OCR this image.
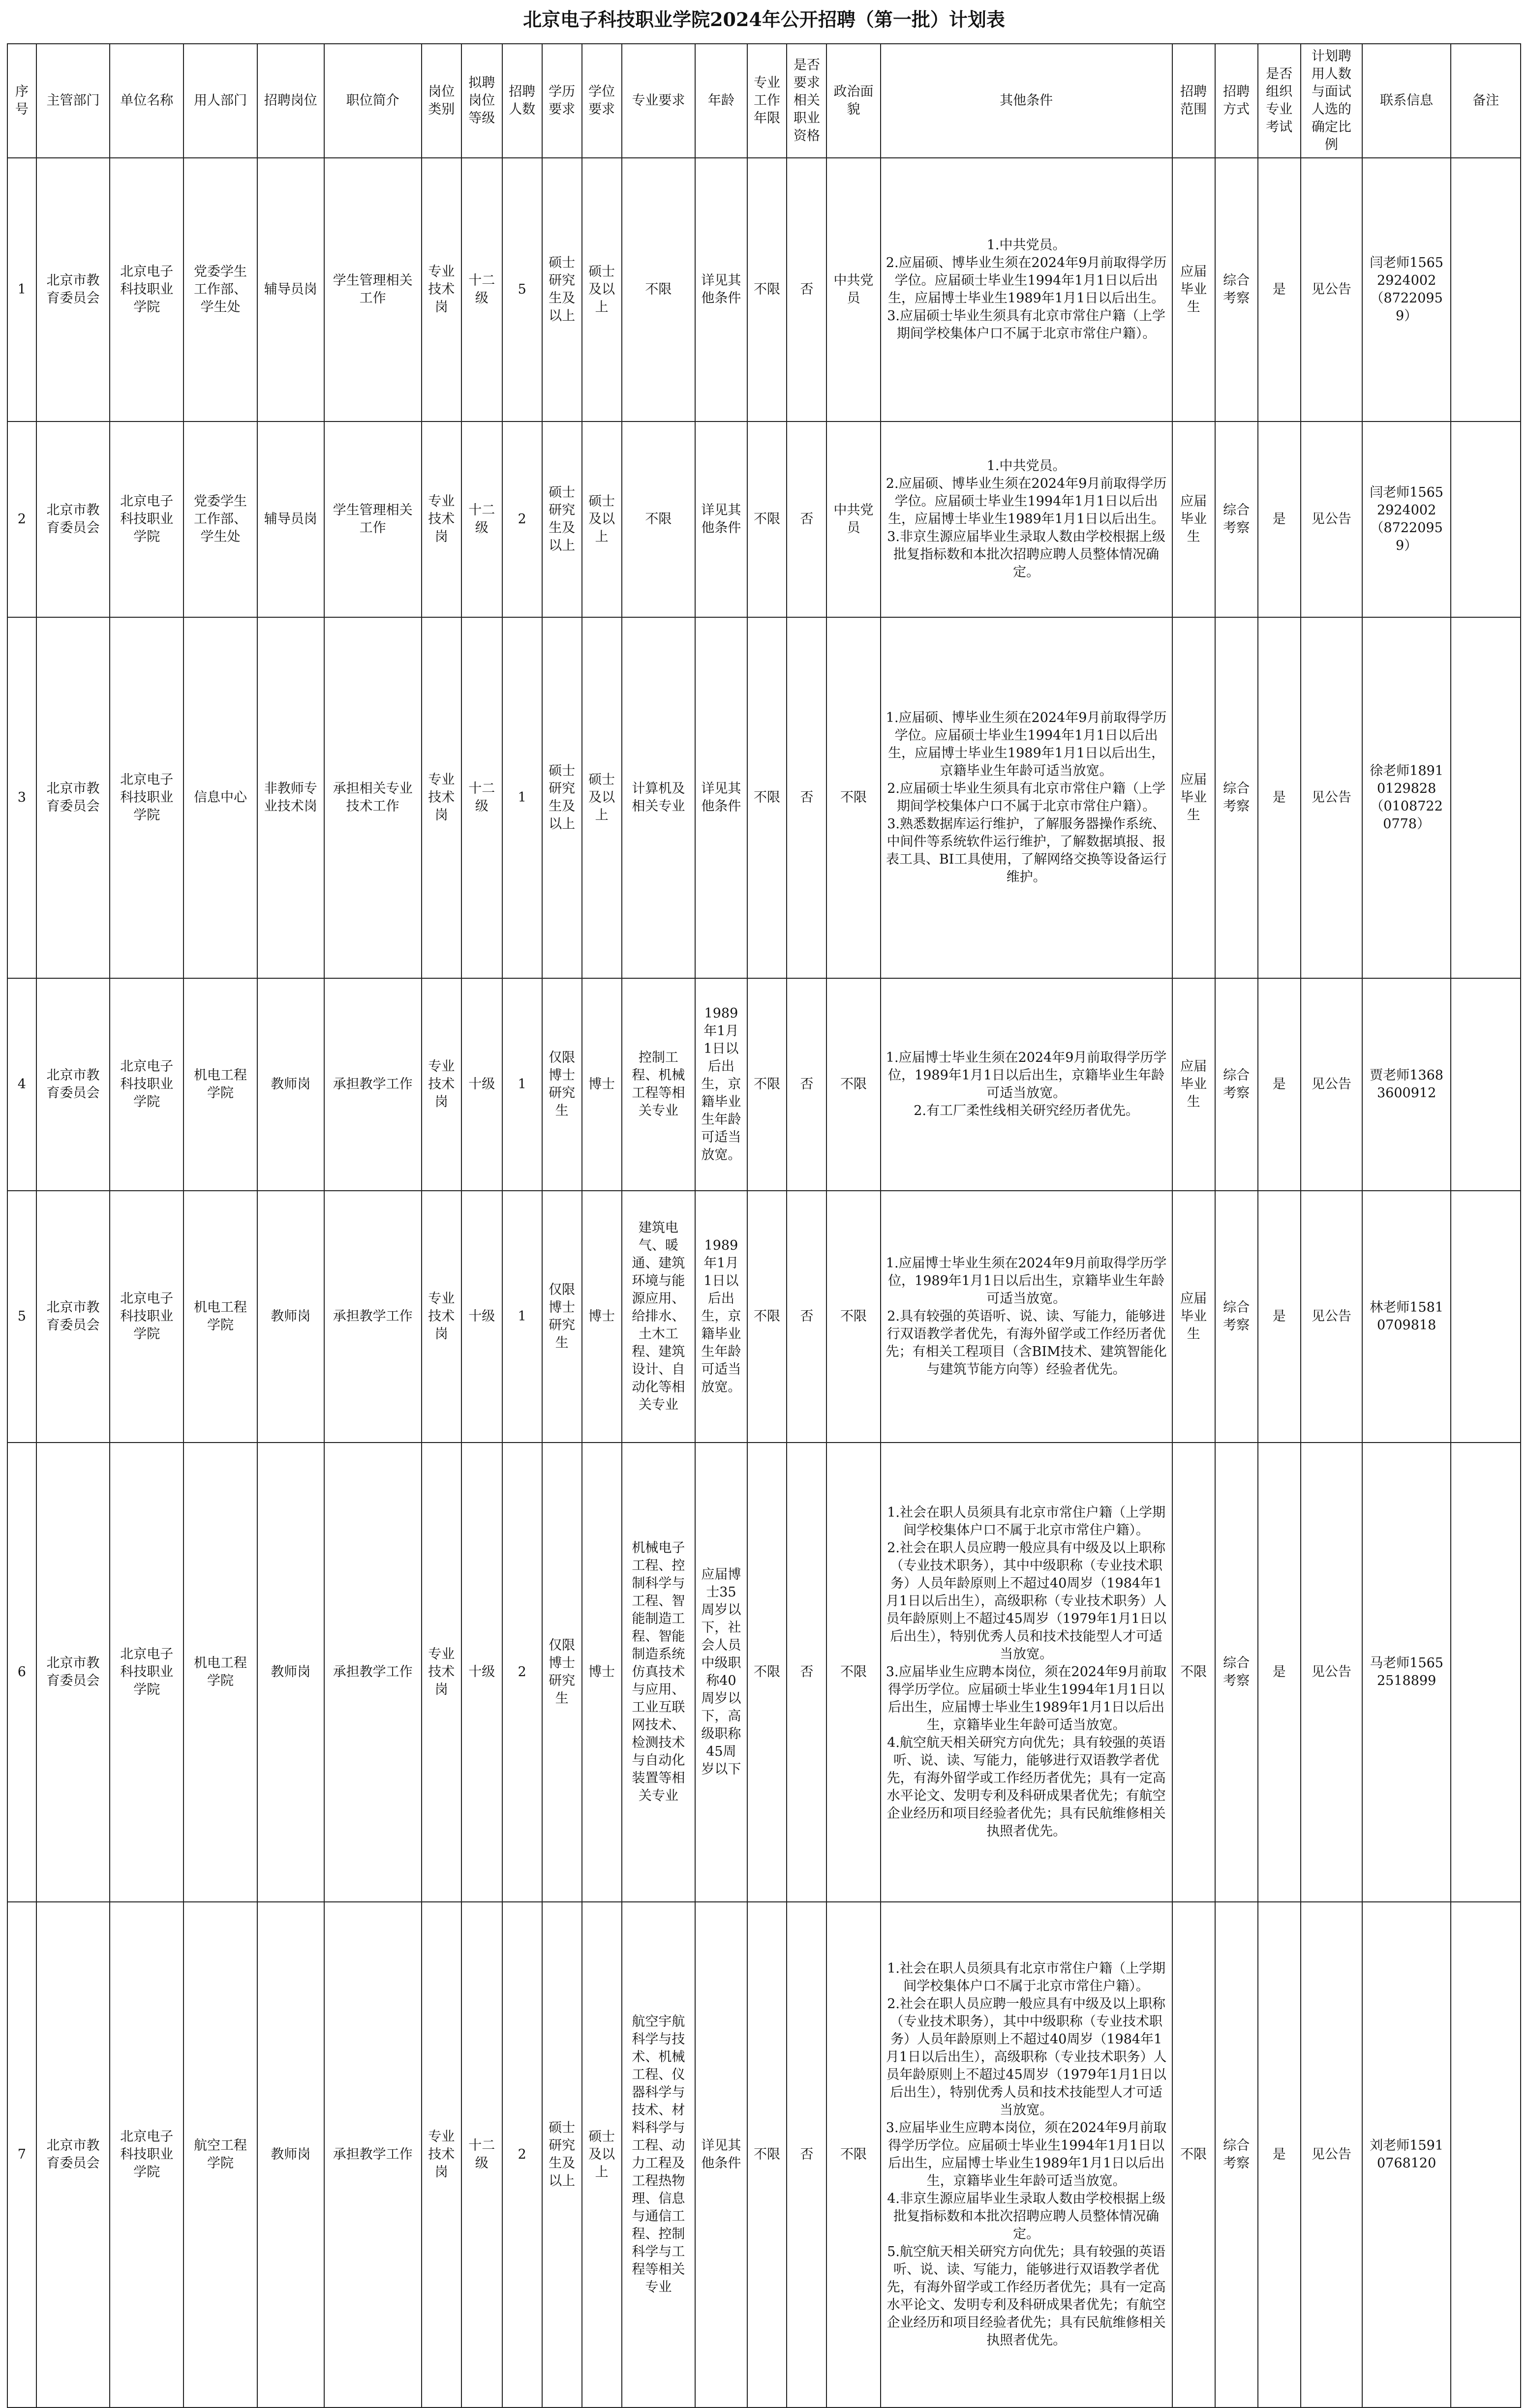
北京电子科技职业学院2024年公开招聘（第一批）计划表
序号	主管部门	单位名称	用人部门	招聘岗位	职位简介	岗位类别	拟聘岗位等级	招聘人数	学历要求	学位要求	专业要求	年龄	专业工作年限	是否要求相关职业资格	政治面貌	其他条件	招聘范围	招聘方式	是否组织专业考试	计划聘用人数与面试人选的确定比例	联系信息	备注
1	北京市教育委员会	北京电子科技职业学院	党委学生工作部、学生处	辅导员岗	学生管理相关工作	专业技术岗	十二级	5	硕士研究生及以上	硕士及以上	不限	详见其他条件	不限	否	中共党员	1.中共党员。
2.应届硕、博毕业生须在2024年9月前取得学历学位。应届硕士毕业生1994年1月1日以后出生，应届博士毕业生1989年1月1日以后出生。
3.应届硕士毕业生须具有北京市常住户籍（上学期间学校集体户口不属于北京市常住户籍）。	应届毕业生	综合考察	是	见公告	闫老师15652924002（87220959）	
2	北京市教育委员会	北京电子科技职业学院	党委学生工作部、学生处	辅导员岗	学生管理相关工作	专业技术岗	十二级	2	硕士研究生及以上	硕士及以上	不限	详见其他条件	不限	否	中共党员	1.中共党员。
2.应届硕、博毕业生须在2024年9月前取得学历学位。应届硕士毕业生1994年1月1日以后出生，应届博士毕业生1989年1月1日以后出生。
3.非京生源应届毕业生录取人数由学校根据上级批复指标数和本批次招聘应聘人员整体情况确定。	应届毕业生	综合考察	是	见公告	闫老师15652924002（87220959）	
3	北京市教育委员会	北京电子科技职业学院	信息中心	非教师专业技术岗	承担相关专业技术工作	专业技术岗	十二级	1	硕士研究生及以上	硕士及以上	计算机及相关专业	详见其他条件	不限	否	不限	1.应届硕、博毕业生须在2024年9月前取得学历学位。应届硕士毕业生1994年1月1日以后出生，应届博士毕业生1989年1月1日以后出生，京籍毕业生年龄可适当放宽。
2.应届硕士毕业生须具有北京市常住户籍（上学期间学校集体户口不属于北京市常住户籍）。
3.熟悉数据库运行维护，了解服务器操作系统、中间件等系统软件运行维护，了解数据填报、报表工具、BI工具使用，了解网络交换等设备运行维护。	应届毕业生	综合考察	是	见公告	徐老师18910129828（01087220778）	
4	北京市教育委员会	北京电子科技职业学院	机电工程学院	教师岗	承担教学工作	专业技术岗	十级	1	仅限博士研究生	博士	控制工程、机械工程等相关专业	1989年1月1日以后出生，京籍毕业生年龄可适当放宽。	不限	否	不限	1.应届博士毕业生须在2024年9月前取得学历学位，1989年1月1日以后出生，京籍毕业生年龄可适当放宽。
2.有工厂柔性线相关研究经历者优先。	应届毕业生	综合考察	是	见公告	贾老师13683600912	
5	北京市教育委员会	北京电子科技职业学院	机电工程学院	教师岗	承担教学工作	专业技术岗	十级	1	仅限博士研究生	博士	建筑电气、暖通、建筑环境与能源应用、给排水、土木工程、建筑设计、自动化等相关专业	1989年1月1日以后出生，京籍毕业生年龄可适当放宽。	不限	否	不限	1.应届博士毕业生须在2024年9月前取得学历学位，1989年1月1日以后出生，京籍毕业生年龄可适当放宽。
2.具有较强的英语听、说、读、写能力，能够进行双语教学者优先，有海外留学或工作经历者优先；有相关工程项目（含BIM技术、建筑智能化与建筑节能方向等）经验者优先。	应届毕业生	综合考察	是	见公告	林老师15810709818	
6	北京市教育委员会	北京电子科技职业学院	机电工程学院	教师岗	承担教学工作	专业技术岗	十级	2	仅限博士研究生	博士	机械电子工程、控制科学与工程、智能制造工程、智能制造系统仿真技术与应用、工业互联网技术、检测技术与自动化装置等相关专业	应届博士35周岁以下，社会人员中级职称40周岁以下，高级职称45周岁以下	不限	否	不限	1.社会在职人员须具有北京市常住户籍（上学期间学校集体户口不属于北京市常住户籍）。
2.社会在职人员应聘一般应具有中级及以上职称（专业技术职务），其中中级职称（专业技术职务）人员年龄原则上不超过40周岁（1984年1月1日以后出生），高级职称（专业技术职务）人员年龄原则上不超过45周岁（1979年1月1日以后出生），特别优秀人员和技术技能型人才可适当放宽。
3.应届毕业生应聘本岗位，须在2024年9月前取得学历学位。应届硕士毕业生1994年1月1日以后出生，应届博士毕业生1989年1月1日以后出生，京籍毕业生年龄可适当放宽。
4.航空航天相关研究方向优先；具有较强的英语听、说、读、写能力，能够进行双语教学者优先，有海外留学或工作经历者优先；具有一定高水平论文、发明专利及科研成果者优先；有航空企业经历和项目经验者优先；具有民航维修相关执照者优先。	不限	综合考察	是	见公告	马老师15652518899	
7	北京市教育委员会	北京电子科技职业学院	航空工程学院	教师岗	承担教学工作	专业技术岗	十二级	2	硕士研究生及以上	硕士及以上	航空宇航科学与技术、机械工程、仪器科学与技术、材料科学与工程、动力工程及工程热物理、信息与通信工程、控制科学与工程等相关专业	详见其他条件	不限	否	不限	1.社会在职人员须具有北京市常住户籍（上学期间学校集体户口不属于北京市常住户籍）。
2.社会在职人员应聘一般应具有中级及以上职称（专业技术职务），其中中级职称（专业技术职务）人员年龄原则上不超过40周岁（1984年1月1日以后出生），高级职称（专业技术职务）人员年龄原则上不超过45周岁（1979年1月1日以后出生），特别优秀人员和技术技能型人才可适当放宽。
3.应届毕业生应聘本岗位，须在2024年9月前取得学历学位。应届硕士毕业生1994年1月1日以后出生，应届博士毕业生1989年1月1日以后出生，京籍毕业生年龄可适当放宽。
4.非京生源应届毕业生录取人数由学校根据上级批复指标数和本批次招聘应聘人员整体情况确定。
5.航空航天相关研究方向优先；具有较强的英语听、说、读、写能力，能够进行双语教学者优先，有海外留学或工作经历者优先；具有一定高水平论文、发明专利及科研成果者优先；有航空企业经历和项目经验者优先；具有民航维修相关执照者优先。	不限	综合考察	是	见公告	刘老师15910768120	
